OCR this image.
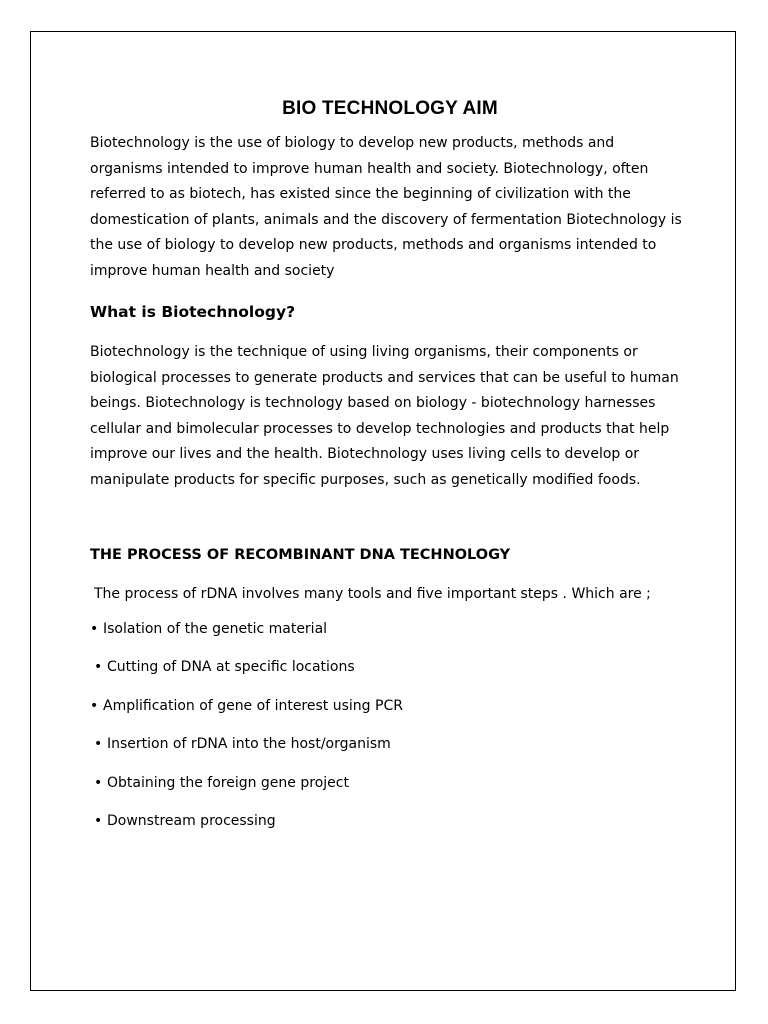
BIO TECHNOLOGY AIM

Biotechnology is the use of biology to develop new products, methods and organisms intended to improve human health and society. Biotechnology, often referred to as biotech, has existed since the beginning of civilization with the domestication of plants, animals and the discovery of fermentation Biotechnology is the use of biology to develop new products, methods and organisms intended to improve human health and society

What is Biotechnology?

Biotechnology is the technique of using living organisms, their components or biological processes to generate products and services that can be useful to human beings. Biotechnology is technology based on biology - biotechnology harnesses cellular and bimolecular processes to develop technologies and products that help improve our lives and the health. Biotechnology uses living cells to develop or manipulate products for specific purposes, such as genetically modified foods.

THE PROCESS OF RECOMBINANT DNA TECHNOLOGY

The process of rDNA involves many tools and five important steps . Which are ;

• Isolation of the genetic material
• Cutting of DNA at specific locations
• Amplification of gene of interest using PCR
• Insertion of rDNA into the host/organism
• Obtaining the foreign gene project
• Downstream processing
